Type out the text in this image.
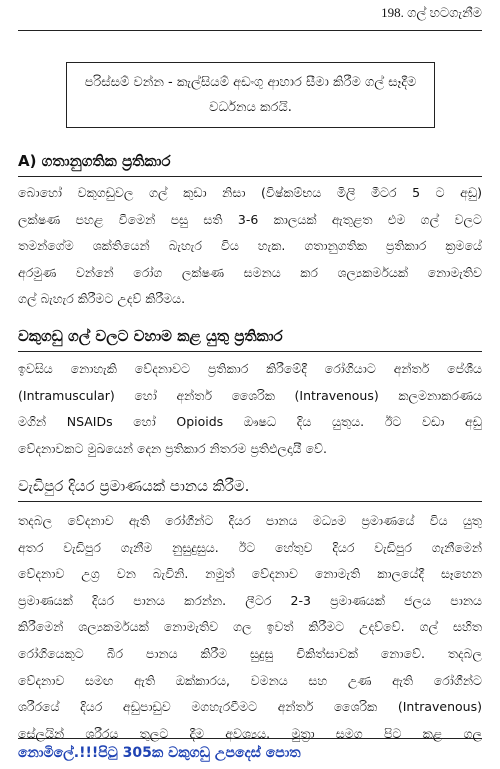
198. ගල් හටගැනීම
පරිස්සම් වන්න - කැල්සියම් අඩංගු ආහාර සීමා කිරීම ගල් සෑදීම
වර්ධනය කරයි.
A) ගතානුගතික ප්‍රතිකාර
බොහෝ වකුගඩුවල ගල් කුඩා නිසා (විෂ්කම්භය මිලි මීටර 5 ට අඩු)
ලක්ෂණ පහළ වීමෙන් පසු සති 3-6 කාලයක් ඇතුළත එම ගල් වලට
තමන්ගේම ශක්තියෙන් බැහැර විය හැක. ගතානුගතික ප්‍රතිකාර ක්‍රමයේ
අරමුණ වන්නේ රෝග ලක්ෂණ සමනය කර ශල්‍යකර්මයක් නොමැතිව
ගල් බැහැර කිරීමට උදව් කිරීමය.
වකුගඩු ගල් වලට වහාම කළ යුතු ප්‍රතිකාර
ඉවසිය නොහැකි වේදනාවට ප්‍රතිකාර කිරීමේදී රෝගියාට අන්තර් පේශීය
(Intramuscular) හෝ අන්තර් ශෛරික (Intravenous) කලමනාකරණය
මගින් NSAIDs හෝ Opioids ඖෂධ දිය යුතුය. ඊට වඩා අඩු
වේදනාවකට මුඛයෙන් දෙන ප්‍රතිකාර නිතරම ප්‍රතිඵලදායී වේ.
වැඩිපුර දියර ප්‍රමාණයක් පානය කිරීම.
තදබල වේදනාව ඇති රෝගීන්ට දියර පානය මධ්‍යම ප්‍රමාණයේ විය යුතු
අතර වැඩිපුර ගැනීම නුසුදුසුය. ඊට හේතුව දියර වැඩිපුර ගැනීමෙන්
වේදනාව උග්‍ර වන බැවිනි. නමුත් වේදනාව නොමැති කාලයේදී සෑහෙන
ප්‍රමාණයක් දියර පානය කරන්න. ලීටර 2-3 ප්‍රමාණයක් ජලය පානය
කිරීමෙන් ශල්‍යකර්මයක් නොමැතිව ගල ඉවත් කිරීමට උදව්වේ. ගල් සහිත
රෝගියෙකුට බීර පානය කිරීම සුදුසු චිකිත්සාවක් නොවේ. තදබල
වේදනාව සමඟ ඇති ඔක්කාරය, වමනය සහ උණ ඇති රෝගීන්ට
ශරීරයේ දියර අඩුපාඩුව මගහැරවීමට අන්තර් ශෛරික (Intravenous)
සේලයින් ශරීරය තුලට දීම අවශ්‍යය. මුත්‍රා සමග පිට කළ ගල
නොමිලේ.!!!පිටු 305ක වකුගඩු උපදෙස් පොත
